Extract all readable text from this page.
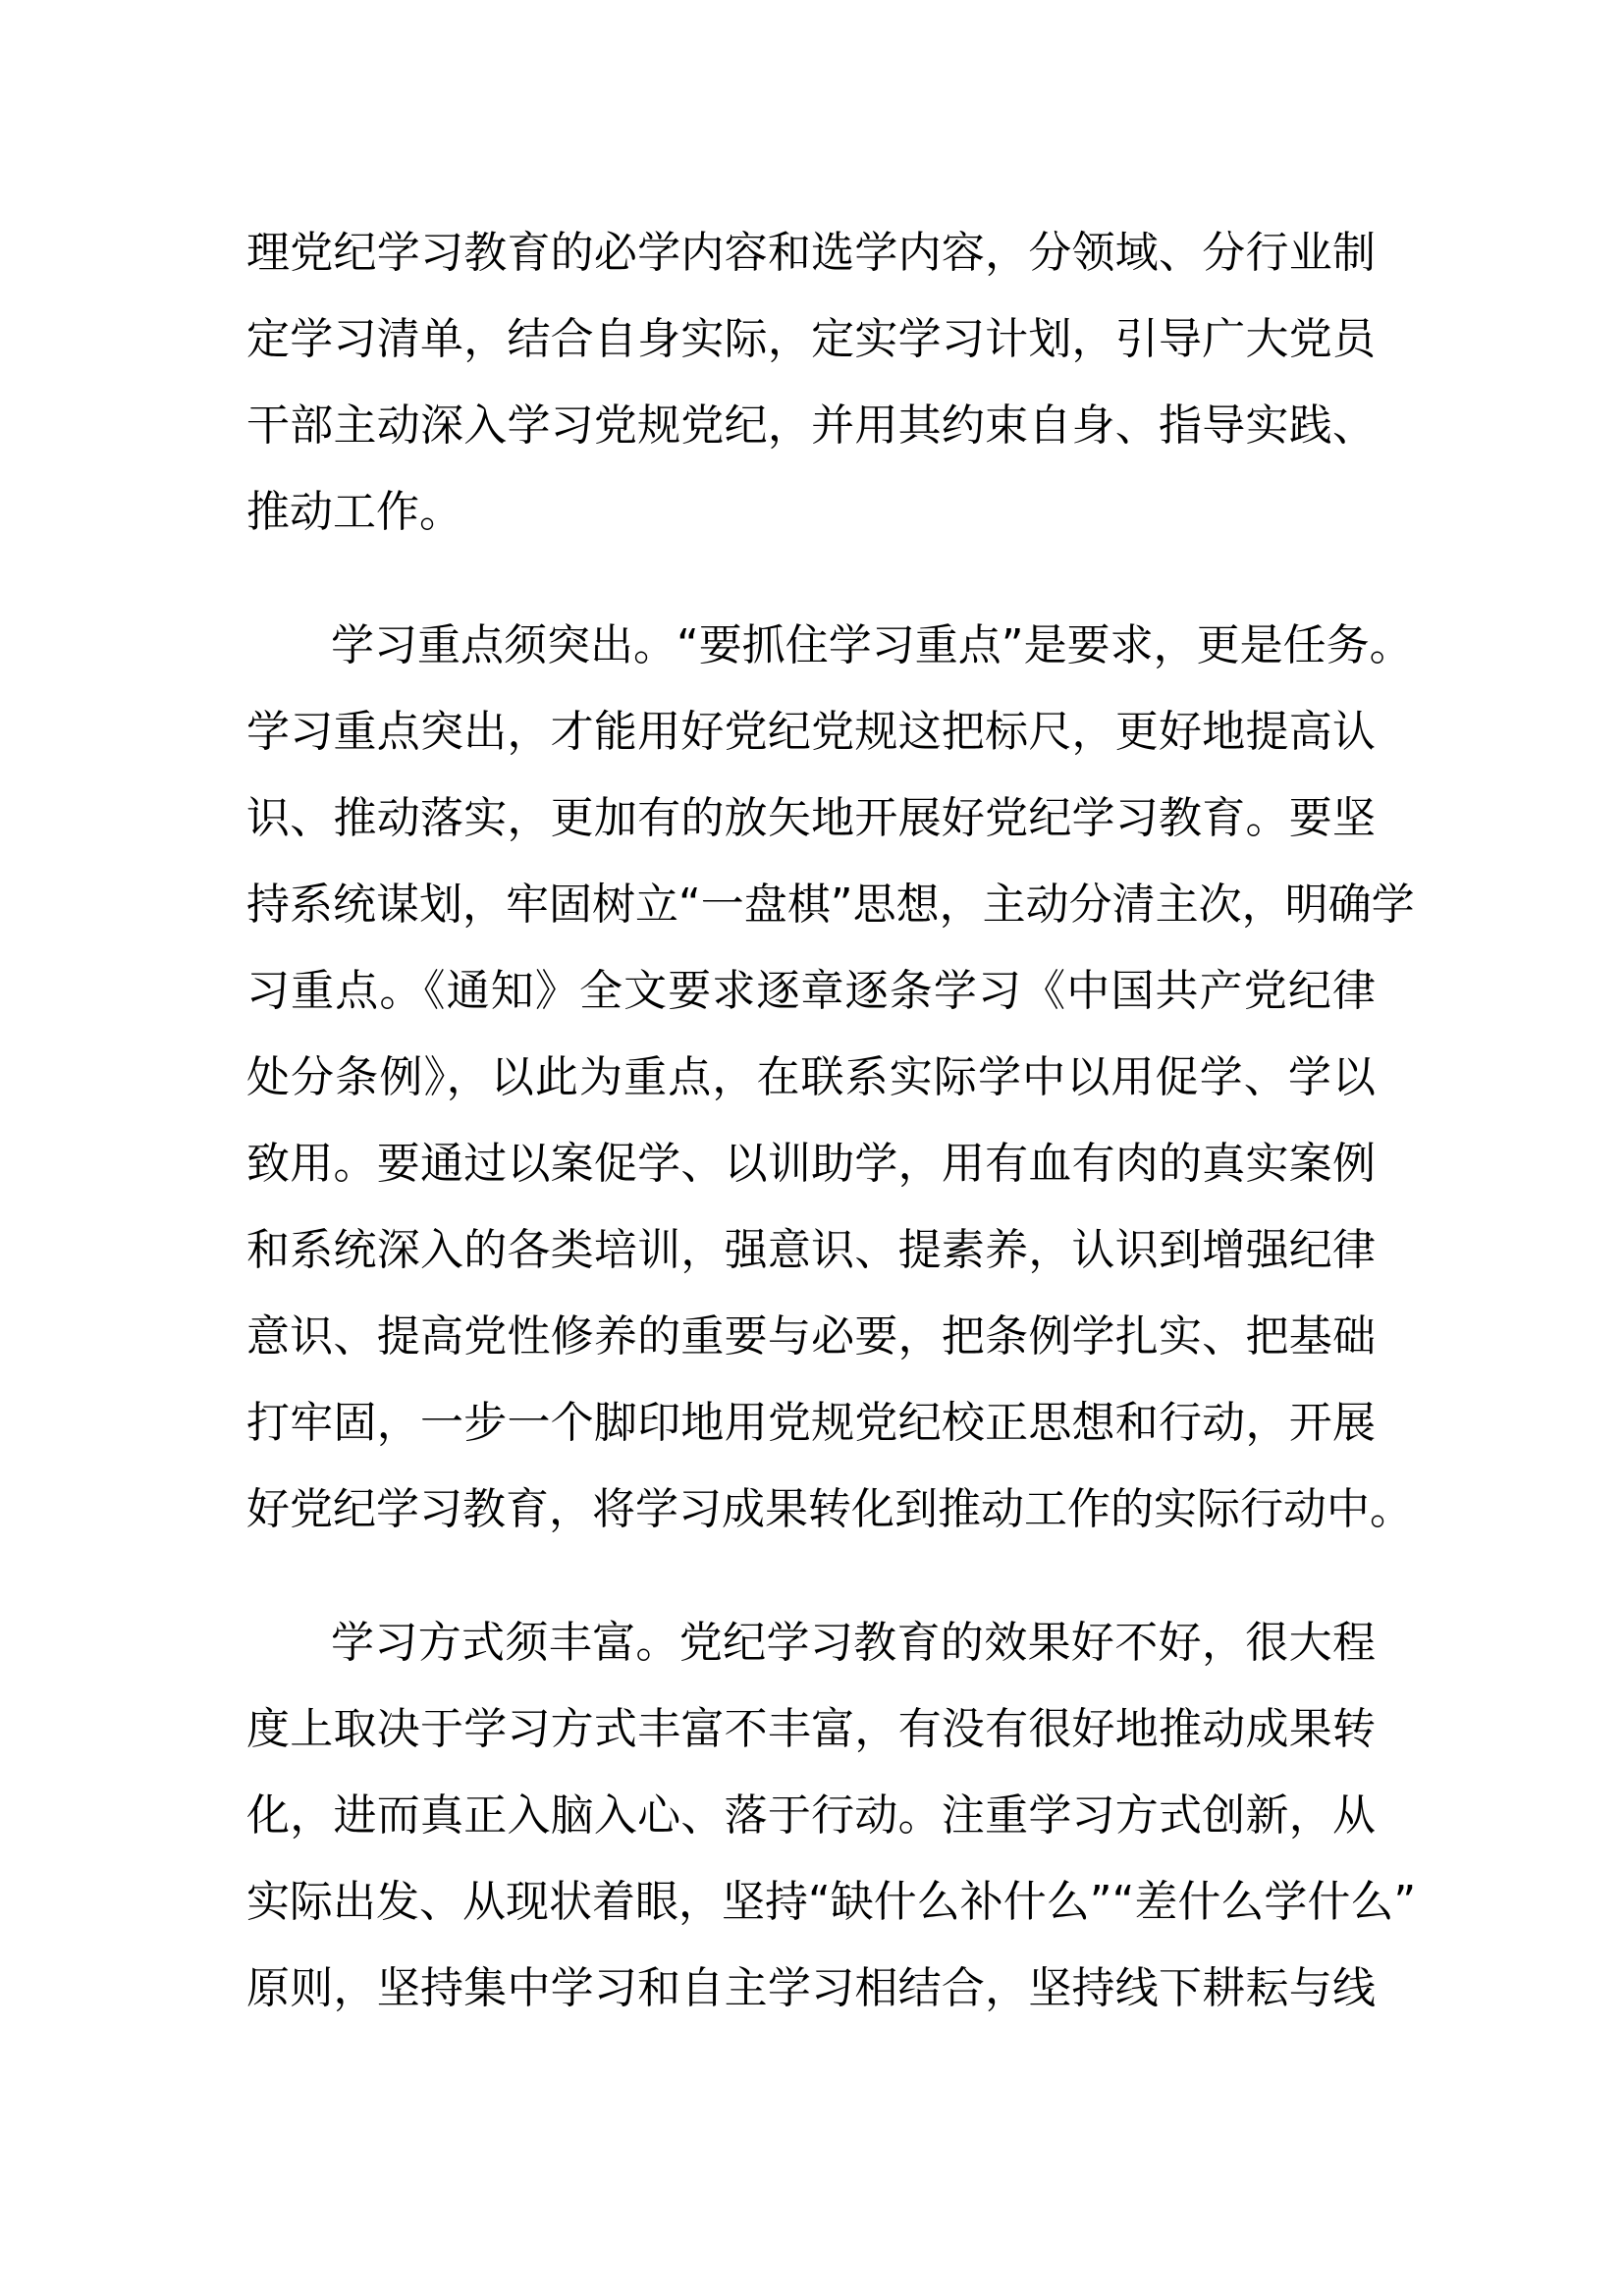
理党纪学习教育的必学内容和选学内容，分领域、分行业制
定学习清单，结合自身实际，定实学习计划，引导广大党员
干部主动深入学习党规党纪，并用其约束自身、指导实践、
推动工作。
学习重点须突出。“要抓住学习重点”是要求，更是任务。
学习重点突出，才能用好党纪党规这把标尺，更好地提高认
识、推动落实，更加有的放矢地开展好党纪学习教育。要坚
持系统谋划，牢固树立“一盘棋”思想，主动分清主次，明确学
习重点。《通知》全文要求逐章逐条学习《中国共产党纪律
处分条例》，以此为重点，在联系实际学中以用促学、学以
致用。要通过以案促学、以训助学，用有血有肉的真实案例
和系统深入的各类培训，强意识、提素养，认识到增强纪律
意识、提高党性修养的重要与必要，把条例学扎实、把基础
打牢固，一步一个脚印地用党规党纪校正思想和行动，开展
好党纪学习教育，将学习成果转化到推动工作的实际行动中。
学习方式须丰富。党纪学习教育的效果好不好，很大程
度上取决于学习方式丰富不丰富，有没有很好地推动成果转
化，进而真正入脑入心、落于行动。注重学习方式创新，从
实际出发、从现状着眼，坚持“缺什么补什么”“差什么学什么”
原则，坚持集中学习和自主学习相结合，坚持线下耕耘与线
